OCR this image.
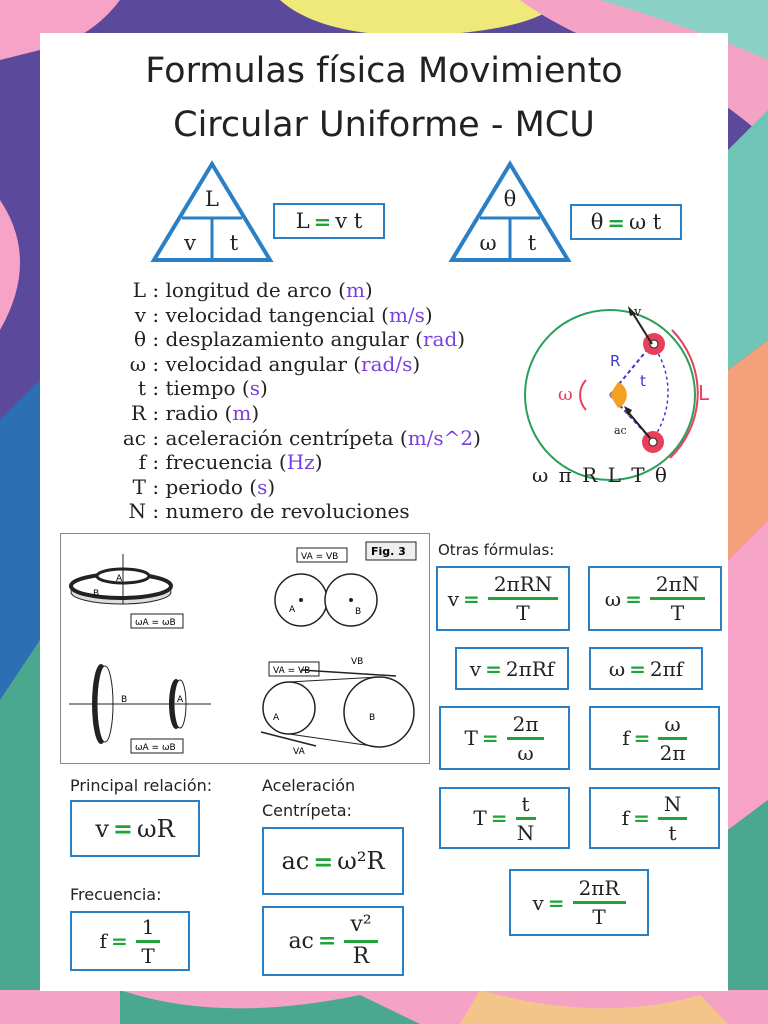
Formulas física Movimiento
Circular Uniforme - MCU
L
v t
L = v t
θ
ω t
θ = ω t
L : longitud de arco (m)
v : velocidad tangencial (m/s)
θ : desplazamiento angular (rad)
ω : velocidad angular (rad/s)
t : tiempo (s)
R : radio (m)
ac : aceleración centrípeta (m/s^2)
f : frecuencia (Hz)
T : periodo (s)
N : numero de revoluciones
ω	θ
R
t	L
v
ac
ω π R L T θ
A
B
ωA = ωB
Fig. 3
VA = VB
A	B
B	A
ωA = ωB
VA = VB
VB
A	B
VA
Otras fórmulas:
Principal relación:	Aceleración
Centrípeta:
Frecuencia:
$v = \frac{\text{2πRN}}{T}$ $\omega = \frac{2\pi N}{T}$
v = 2πRf	ω = 2πf
$T = \frac{2\pi}{\omega}$	$f = \frac{\omega}{2\pi}$
$T = \frac{t}{N}$	$f = \frac{N}{t}$
$v = \frac{2\pi R}{T}$
v = ωR
ac = ω²R
ac = $\frac{\text{v²}}{R}$
$f = \frac{1}{T}$
